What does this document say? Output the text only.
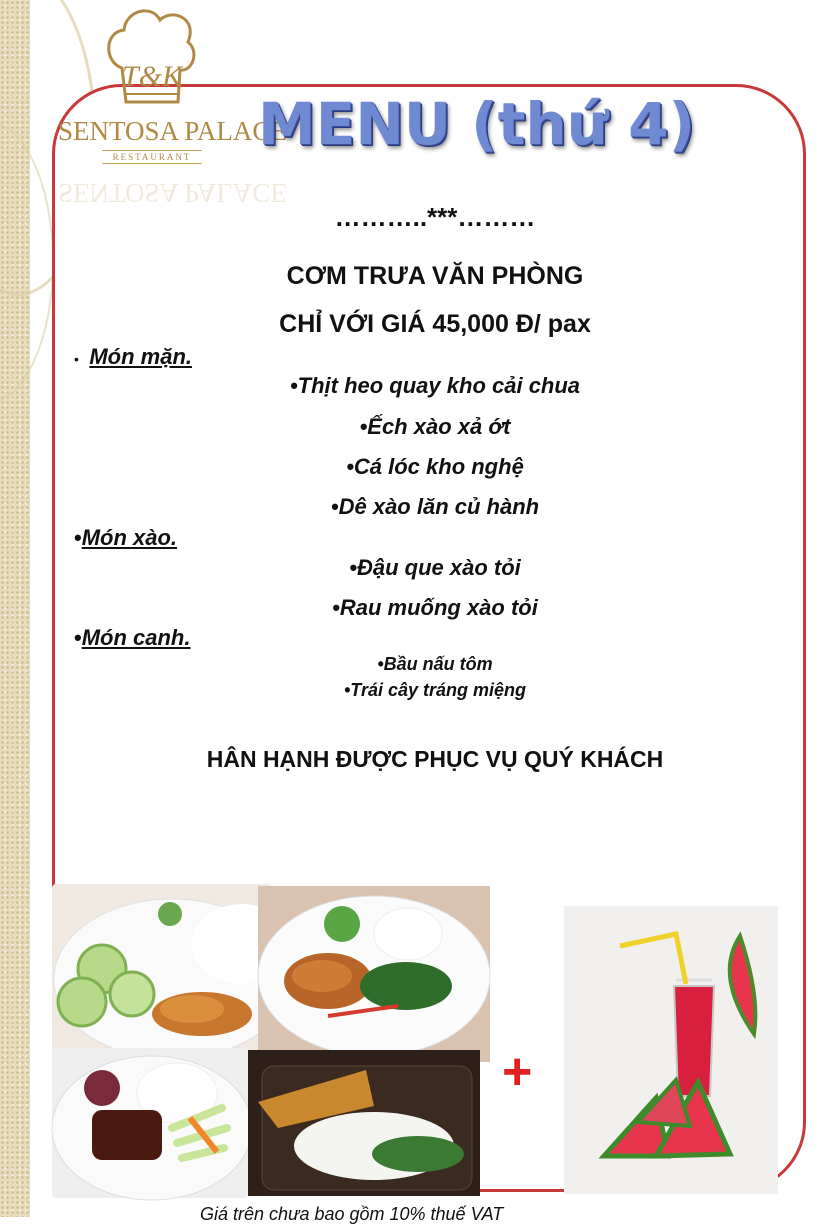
T&K
SENTOSA PALACE
RESTAURANT
SENTOSA PALACE
MENU (thứ 4)
………..***………
CƠM TRƯA VĂN PHÒNG
CHỈ VỚI GIÁ 45,000 Đ/ pax
• Món mặn.
•Thịt heo quay kho cải chua
•Ếch xào xả ớt
•Cá lóc kho nghệ
•Dê xào lăn củ hành
•Món xào.
•Đậu que xào tỏi
•Rau muống xào tỏi
•Món canh.
•Bầu nấu tôm
•Trái cây tráng miệng
HÂN HẠNH ĐƯỢC PHỤC VỤ QUÝ KHÁCH
+
Giá trên chưa bao gồm 10% thuế VAT
